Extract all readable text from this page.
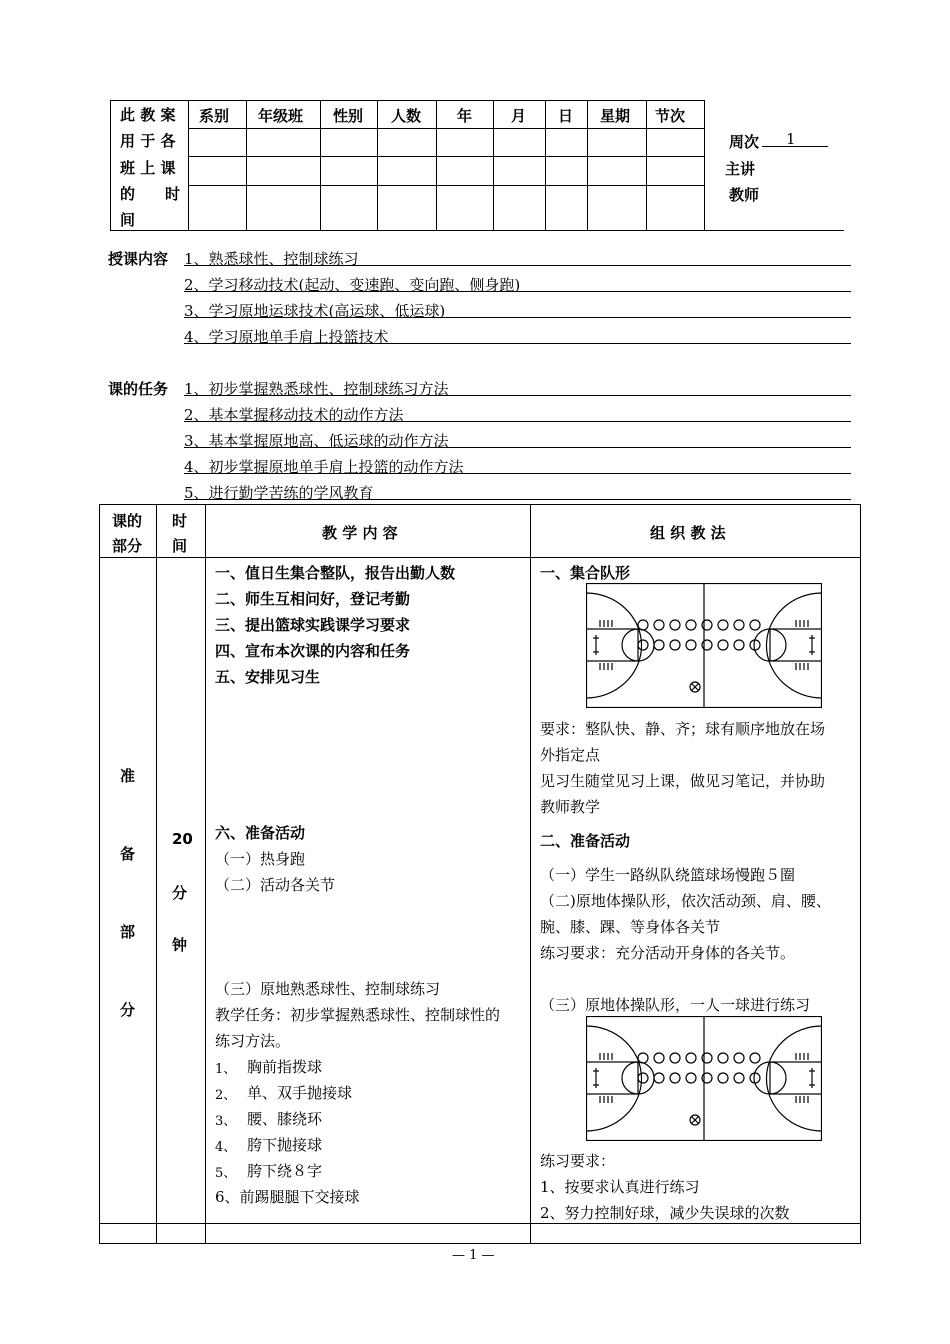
此 教 案
用 于 各
班 上 课
的　　时
间
系别 年级班 性别 人数 年	月 日 星期 节次
周次 1
主讲
教师
授课内容 1、熟悉球性、控制球练习
2、学习移动技术(起动、变速跑、变向跑、侧身跑)
3、学习原地运球技术(高运球、低运球)
4、学习原地单手肩上投篮技术
课的任务 1、初步掌握熟悉球性、控制球练习方法
2、基本掌握移动技术的动作方法
3、基本掌握原地高、低运球的动作方法
4、初步掌握原地单手肩上投篮的动作方法
5、进行勤学苦练的学风教育
课的
部分
时
间
教 学 内 容	组 织 教 法
准
备
部
分
20
分
钟
一、值日生集合整队，报告出勤人数
二、师生互相问好，登记考勤
三、提出篮球实践课学习要求
四、宣布本次课的内容和任务
五、安排见习生
六、准备活动
（一）热身跑
（二）活动各关节
（三）原地熟悉球性、控制球练习
教学任务：初步掌握熟悉球性、控制球性的
练习方法。
1、 胸前指拨球
2、 单、双手抛接球
3、 腰、膝绕环
4、 胯下抛接球
5、 胯下绕８字
6、前踢腿腿下交接球
一、集合队形
要求：整队快、静、齐；球有顺序地放在场
外指定点
见习生随堂见习上课，做见习笔记，并协助
教师教学
二、准备活动
（一）学生一路纵队绕篮球场慢跑５圈
（二)原地体操队形，依次活动颈、肩、腰、
腕、膝、踝、等身体各关节
练习要求：充分活动开身体的各关节。
（三）原地体操队形，一人一球进行练习
练习要求：
1、按要求认真进行练习
2、努力控制好球，减少失误球的次数
— 1 —
